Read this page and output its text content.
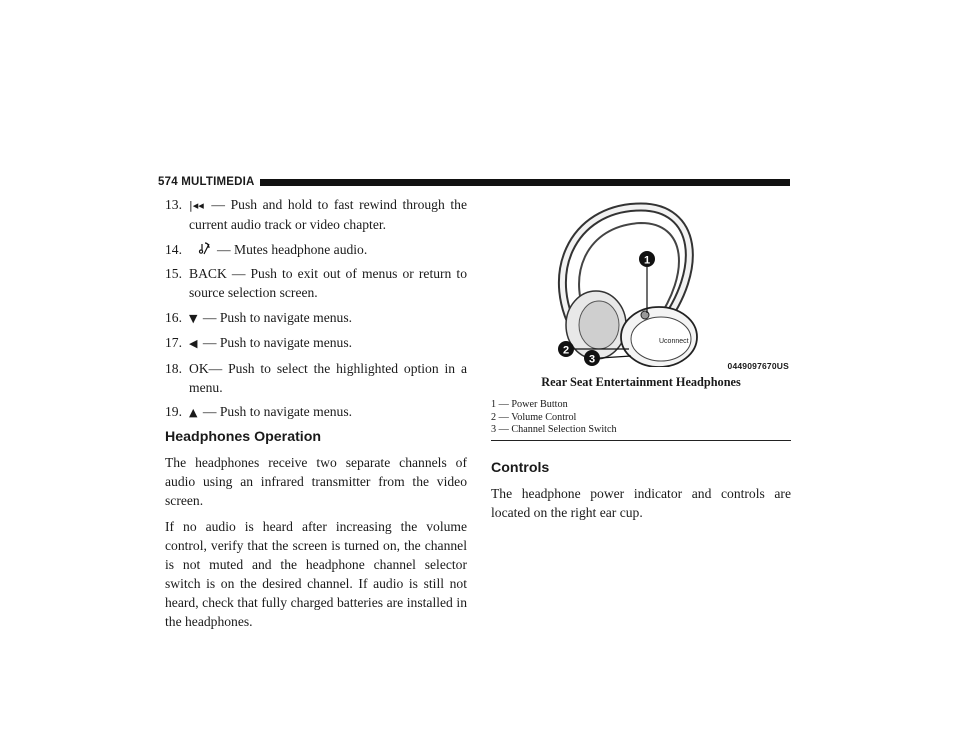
574 MULTIMEDIA
13. |◂◂ — Push and hold to fast rewind through the current audio track or video chapter.
14.	— Mutes headphone audio.
15. BACK — Push to exit out of menus or return to source selection screen.
16. ▼ — Push to navigate menus.
17. ◀ — Push to navigate menus.
18. OK— Push to select the highlighted option in a menu.
19. ▲ — Push to navigate menus.
Headphones Operation

The headphones receive two separate channels of audio using an infrared transmitter from the video screen.

If no audio is heard after increasing the volume control, verify that the screen is turned on, the channel is not muted and the headphone channel selector switch is on the desired channel. If audio is still not heard, check that fully charged batteries are installed in the headphones.

Uconnect
1
2
3
0449097670US
Rear Seat Entertainment Headphones
1 — Power Button
2 — Volume Control
3 — Channel Selection Switch
Controls

The headphone power indicator and controls are located on the right ear cup.
